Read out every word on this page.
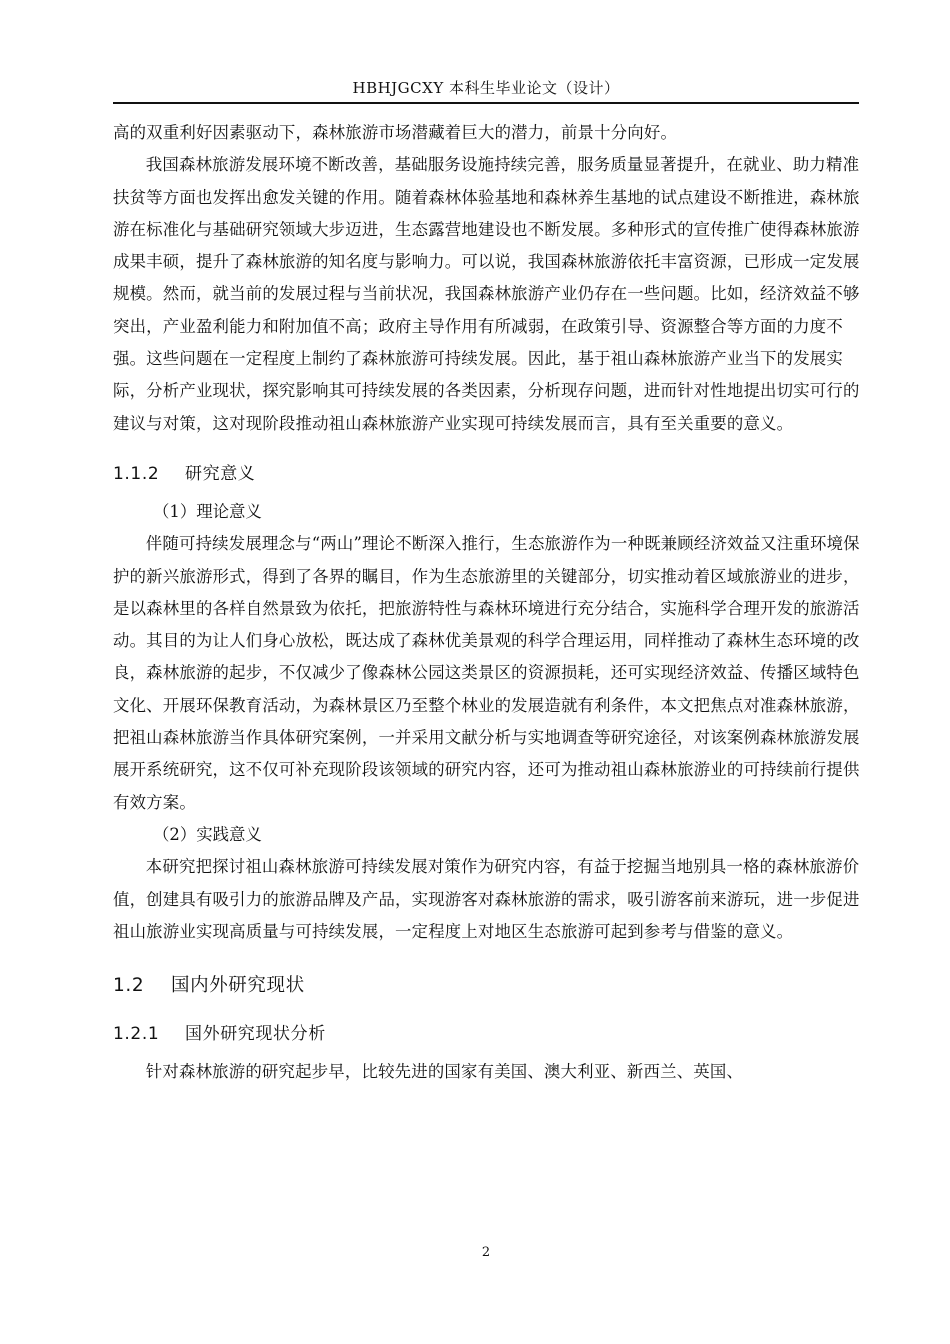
HBHJGCXY 本科生毕业论文（设计）

高的双重利好因素驱动下，森林旅游市场潜藏着巨大的潜力，前景十分向好。

我国森林旅游发展环境不断改善，基础服务设施持续完善，服务质量显著提升，在就业、助力精准扶贫等方面也发挥出愈发关键的作用。随着森林体验基地和森林养生基地的试点建设不断推进，森林旅游在标准化与基础研究领域大步迈进，生态露营地建设也不断发展。多种形式的宣传推广使得森林旅游成果丰硕，提升了森林旅游的知名度与影响力。可以说，我国森林旅游依托丰富资源，已形成一定发展规模。然而，就当前的发展过程与当前状况，我国森林旅游产业仍存在一些问题。比如，经济效益不够突出，产业盈利能力和附加值不高；政府主导作用有所减弱，在政策引导、资源整合等方面的力度不强。这些问题在一定程度上制约了森林旅游可持续发展。因此，基于祖山森林旅游产业当下的发展实际，分析产业现状，探究影响其可持续发展的各类因素，分析现存问题，进而针对性地提出切实可行的建议与对策，这对现阶段推动祖山森林旅游产业实现可持续发展而言，具有至关重要的意义。

1.1.2 研究意义

（1）理论意义

伴随可持续发展理念与“两山”理论不断深入推行，生态旅游作为一种既兼顾经济效益又注重环境保护的新兴旅游形式，得到了各界的瞩目，作为生态旅游里的关键部分，切实推动着区域旅游业的进步，是以森林里的各样自然景致为依托，把旅游特性与森林环境进行充分结合，实施科学合理开发的旅游活动。其目的为让人们身心放松，既达成了森林优美景观的科学合理运用，同样推动了森林生态环境的改良，森林旅游的起步，不仅减少了像森林公园这类景区的资源损耗，还可实现经济效益、传播区域特色文化、开展环保教育活动，为森林景区乃至整个林业的发展造就有利条件，本文把焦点对准森林旅游，把祖山森林旅游当作具体研究案例，一并采用文献分析与实地调查等研究途径，对该案例森林旅游发展展开系统研究，这不仅可补充现阶段该领域的研究内容，还可为推动祖山森林旅游业的可持续前行提供有效方案。

（2）实践意义

本研究把探讨祖山森林旅游可持续发展对策作为研究内容，有益于挖掘当地别具一格的森林旅游价值，创建具有吸引力的旅游品牌及产品，实现游客对森林旅游的需求，吸引游客前来游玩，进一步促进祖山旅游业实现高质量与可持续发展，一定程度上对地区生态旅游可起到参考与借鉴的意义。

1.2 国内外研究现状
1.2.1 国外研究现状分析

针对森林旅游的研究起步早，比较先进的国家有美国、澳大利亚、新西兰、英国、

2
